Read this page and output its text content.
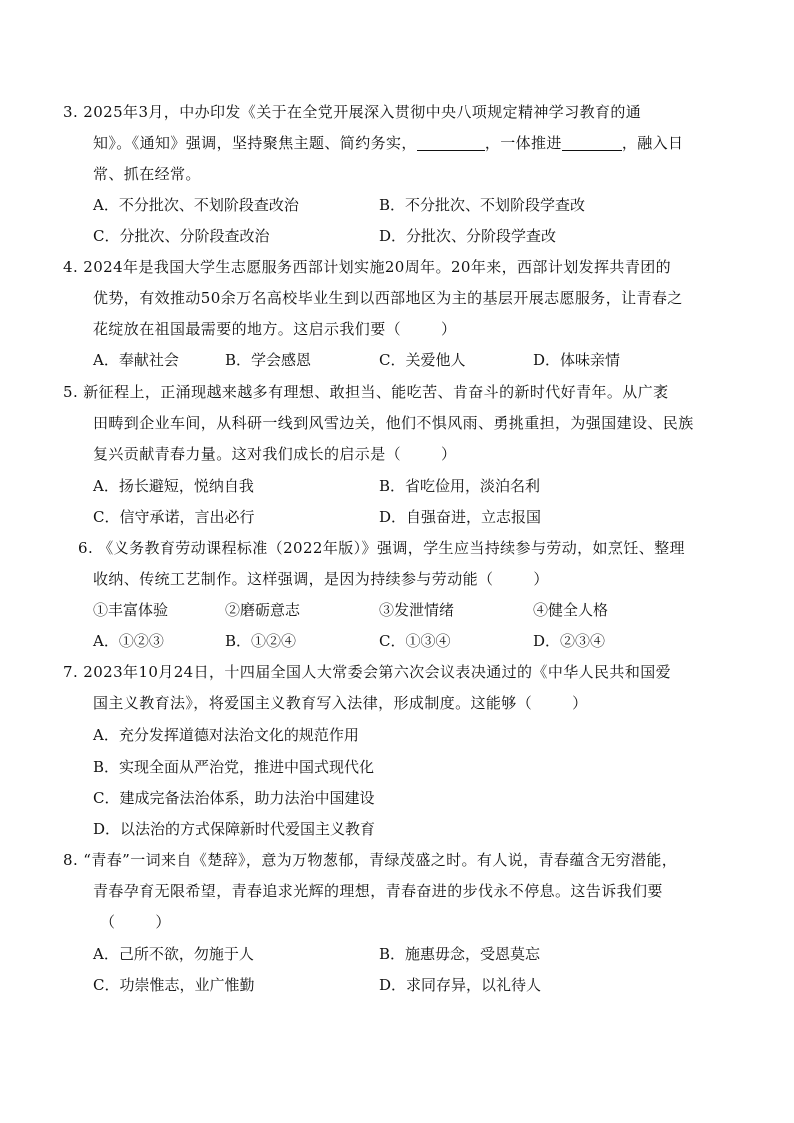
3. 2025年3月，中办印发《关于在全党开展深入贯彻中央八项规定精神学习教育的通
知》。《通知》强调，坚持聚焦主题、简约务实，	，一体推进	，融入日
常、抓在经常。
A．不分批次、不划阶段查改治	B．不分批次、不划阶段学查改
C．分批次、分阶段查改治	D．分批次、分阶段学查改
4. 2024年是我国大学生志愿服务西部计划实施20周年。20年来，西部计划发挥共青团的
优势，有效推动50余万名高校毕业生到以西部地区为主的基层开展志愿服务，让青春之
花绽放在祖国最需要的地方。这启示我们要（	）
A．奉献社会	B．学会感恩	C．关爱他人	D．体味亲情
5. 新征程上，正涌现越来越多有理想、敢担当、能吃苦、肯奋斗的新时代好青年。从广袤
田畴到企业车间，从科研一线到风雪边关，他们不惧风雨、勇挑重担，为强国建设、民族
复兴贡献青春力量。这对我们成长的启示是（	）
A．扬长避短，悦纳自我	B．省吃俭用，淡泊名利
C．信守承诺，言出必行	D．自强奋进，立志报国
6. 《义务教育劳动课程标准（2022年版）》强调，学生应当持续参与劳动，如烹饪、整理
收纳、传统工艺制作。这样强调，是因为持续参与劳动能（	）
①丰富体验	②磨砺意志	③发泄情绪	④健全人格
A．①②③	B．①②④	C．①③④	D．②③④
7. 2023年10月24日，十四届全国人大常委会第六次会议表决通过的《中华人民共和国爱
国主义教育法》，将爱国主义教育写入法律，形成制度。这能够（	）
A．充分发挥道德对法治文化的规范作用
B．实现全面从严治党，推进中国式现代化
C．建成完备法治体系，助力法治中国建设
D．以法治的方式保障新时代爱国主义教育
8. “青春”一词来自《楚辞》，意为万物葱郁，青绿茂盛之时。有人说，青春蕴含无穷潜能，
青春孕育无限希望，青春追求光辉的理想，青春奋进的步伐永不停息。这告诉我们要
（	）
A．己所不欲，勿施于人	B．施惠毋念，受恩莫忘
C．功崇惟志，业广惟勤	D．求同存异，以礼待人
